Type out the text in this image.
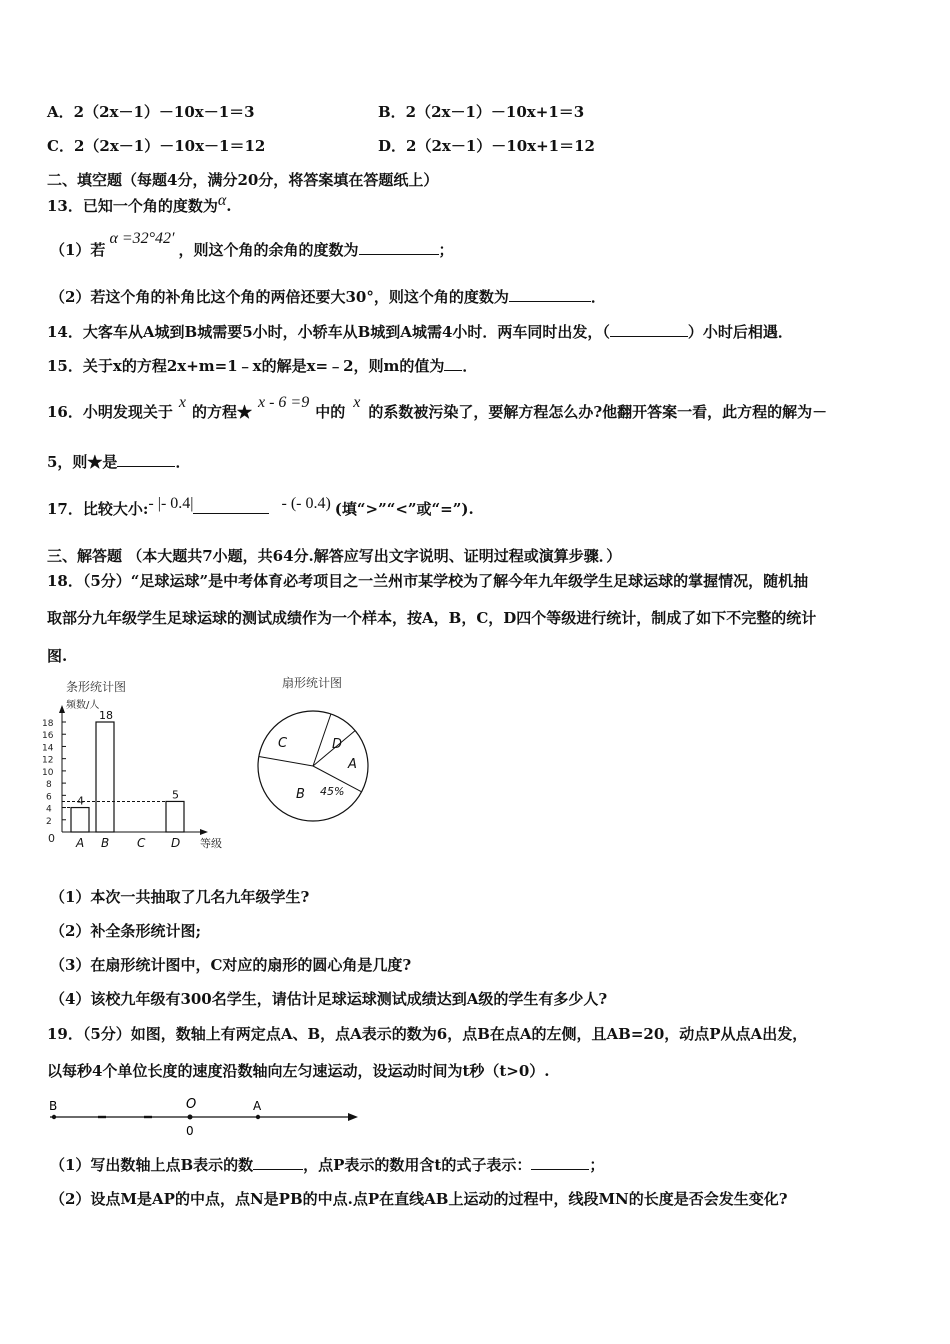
A．2（2x－1）－10x－1＝3	B．2（2x－1）－10x+1＝3
C．2（2x－1）－10x－1＝12	D．2（2x－1）－10x+1＝12
二、填空题（每题4分，满分20分，将答案填在答题纸上）
13．已知一个角的度数为α.
（1）若α =32°42′，则这个角的余角的度数为	；
（2）若这个角的补角比这个角的两倍还要大30°，则这个角的度数为	．
14．大客车从A城到B城需要5小时，小轿车从B城到A城需4小时．两车同时出发，（	）小时后相遇．
15．关于x的方程2x+m=1﹣x的解是x=﹣2，则m的值为 ．
16．小明发现关于x的方程★x - 6 =9中的x的系数被污染了，要解方程怎么办?他翻开答案一看，此方程的解为－
5，则★是	．
17．比较大小:- |- 0.4|	- (- 0.4) (填“>”“<”或“=”).
三、解答题 （本大题共7小题，共64分.解答应写出文字说明、证明过程或演算步骤．）
18．（5分）“足球运球”是中考体育必考项目之一兰州市某学校为了解今年九年级学生足球运球的掌握情况，随机抽
取部分九年级学生足球运球的测试成绩作为一个样本，按A，B，C，D四个等级进行统计，制成了如下不完整的统计
图.
条形统计图
0
2
4
6
8
10
12
14
16
18
频数/人
等级
4
A
18
B C
5
D
扇形统计图
C	D
A
B 45%
（1）本次一共抽取了几名九年级学生?
（2）补全条形统计图;
（3）在扇形统计图中，C对应的扇形的圆心角是几度?
（4）该校九年级有300名学生，请估计足球运球测试成绩达到A级的学生有多少人?
19．（5分）如图，数轴上有两定点A、B，点A表示的数为6，点B在点A的左侧，且AB=20，动点P从点A出发，
以每秒4个单位长度的速度沿数轴向左匀速运动，设运动时间为t秒（t>0）.
B	O
0
A
（1）写出数轴上点B表示的数	，点P表示的数用含t的式子表示：	；
（2）设点M是AP的中点，点N是PB的中点.点P在直线AB上运动的过程中，线段MN的长度是否会发生变化?
